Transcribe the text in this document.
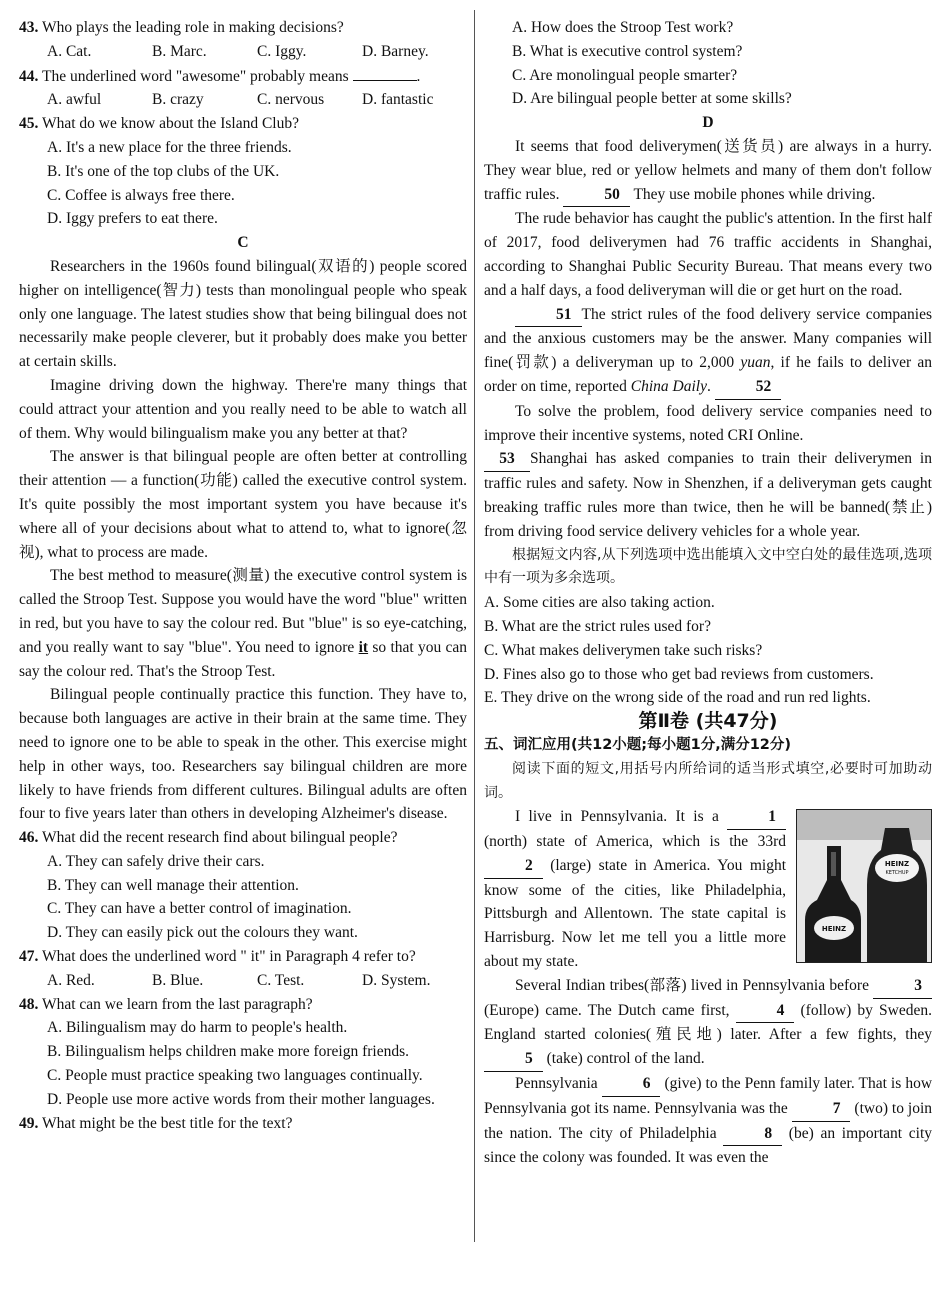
43. Who plays the leading role in making decisions?

A. Cat.	B. Marc.	C. Iggy.	D. Barney.

44. The underlined word "awesome" probably means	.

A. awful	B. crazy	C. nervous	D. fantastic

45. What do we know about the Island Club?

A. It's a new place for the three friends.

B. It's one of the top clubs of the UK.

C. Coffee is always free there.

D. Iggy prefers to eat there.

C

Researchers in the 1960s found bilingual(双语的) people scored higher on intelligence(智力) tests than monolingual people who speak only one language. The latest studies show that being bilingual does not necessarily make people cleverer, but it probably does make you better at certain skills.

Imagine driving down the highway. There're many things that could attract your attention and you really need to be able to watch all of them. Why would bilingualism make you any better at that?

The answer is that bilingual people are often better at controlling their attention — a function(功能) called the executive control system. It's quite possibly the most important system you have because it's where all of your decisions about what to attend to, what to ignore(忽视), what to process are made.

The best method to measure(测量) the executive control system is called the Stroop Test. Suppose you would have the word "blue" written in red, but you have to say the colour red. But "blue" is so eye-catching, and you really want to say "blue". You need to ignore it so that you can say the colour red. That's the Stroop Test.

Bilingual people continually practice this function. They have to, because both languages are active in their brain at the same time. They need to ignore one to be able to speak in the other. This exercise might help in other ways, too. Researchers say bilingual children are more likely to have friends from different cultures. Bilingual adults are often four to five years later than others in developing Alzheimer's disease.

46. What did the recent research find about bilingual people?

A. They can safely drive their cars.

B. They can well manage their attention.

C. They can have a better control of imagination.

D. They can easily pick out the colours they want.

47. What does the underlined word " it" in Paragraph 4 refer to?

A. Red.	B. Blue.	C. Test.	D. System.

48. What can we learn from the last paragraph?

A. Bilingualism may do harm to people's health.

B. Bilingualism helps children make more foreign friends.

C. People must practice speaking two languages continually.

D. People use more active words from their mother languages.

49. What might be the best title for the text?

A. How does the Stroop Test work?

B. What is executive control system?

C. Are monolingual people smarter?

D. Are bilingual people better at some skills?

D

It seems that food deliverymen(送货员) are always in a hurry. They wear blue, red or yellow helmets and many of them don't follow traffic rules.	50 They use mobile phones while driving.

The rude behavior has caught the public's attention. In the first half of 2017, food deliverymen had 76 traffic accidents in Shanghai, according to Shanghai Public Security Bureau. That means every two and a half days, a food deliveryman will die or get hurt on the road.

51 The strict rules of the food delivery service companies and the anxious customers may be the answer. Many companies will fine(罚款) a deliveryman up to 2,000 yuan, if he fails to deliver an order on time, reported China Daily.	52

To solve the problem, food delivery service companies need to improve their incentive systems, noted CRI Online.

53 Shanghai has asked companies to train their deliverymen in traffic rules and safety. Now in Shenzhen, if a deliveryman gets caught breaking traffic rules more than twice, then he will be banned(禁止) from driving food service delivery vehicles for a whole year.

根据短文内容,从下列选项中选出能填入文中空白处的最佳选项,选项中有一项为多余选项。

A. Some cities are also taking action.

B. What are the strict rules used for?

C. What makes deliverymen take such risks?

D. Fines also go to those who get bad reviews from customers.

E. They drive on the wrong side of the road and run red lights.

第Ⅱ卷 (共47分)

五、词汇应用(共12小题;每小题1分,满分12分)

阅读下面的短文,用括号内所给词的适当形式填空,必要时可加助动词。

HEINZ
KETCHUP
HEINZ

I live in Pennsylvania. It is a	1 (north) state of America, which is the 33rd 2 (large) state in America. You might know some of the cities, like Philadelphia, Pittsburgh and Allentown. The state capital is Harrisburg. Now let me tell you a little more about my state.

Several Indian tribes(部落) lived in Pennsylvania before	3 (Europe) came. The Dutch came first,	4 (follow) by Sweden. England started colonies(殖民地) later. After a few fights, they 5 (take) control of the land.

Pennsylvania	6 (give) to the Penn family later. That is how Pennsylvania got its name. Pennsylvania was the	7 (two) to join the nation. The city of Philadelphia	8 (be) an important city since the colony was founded. It was even the
